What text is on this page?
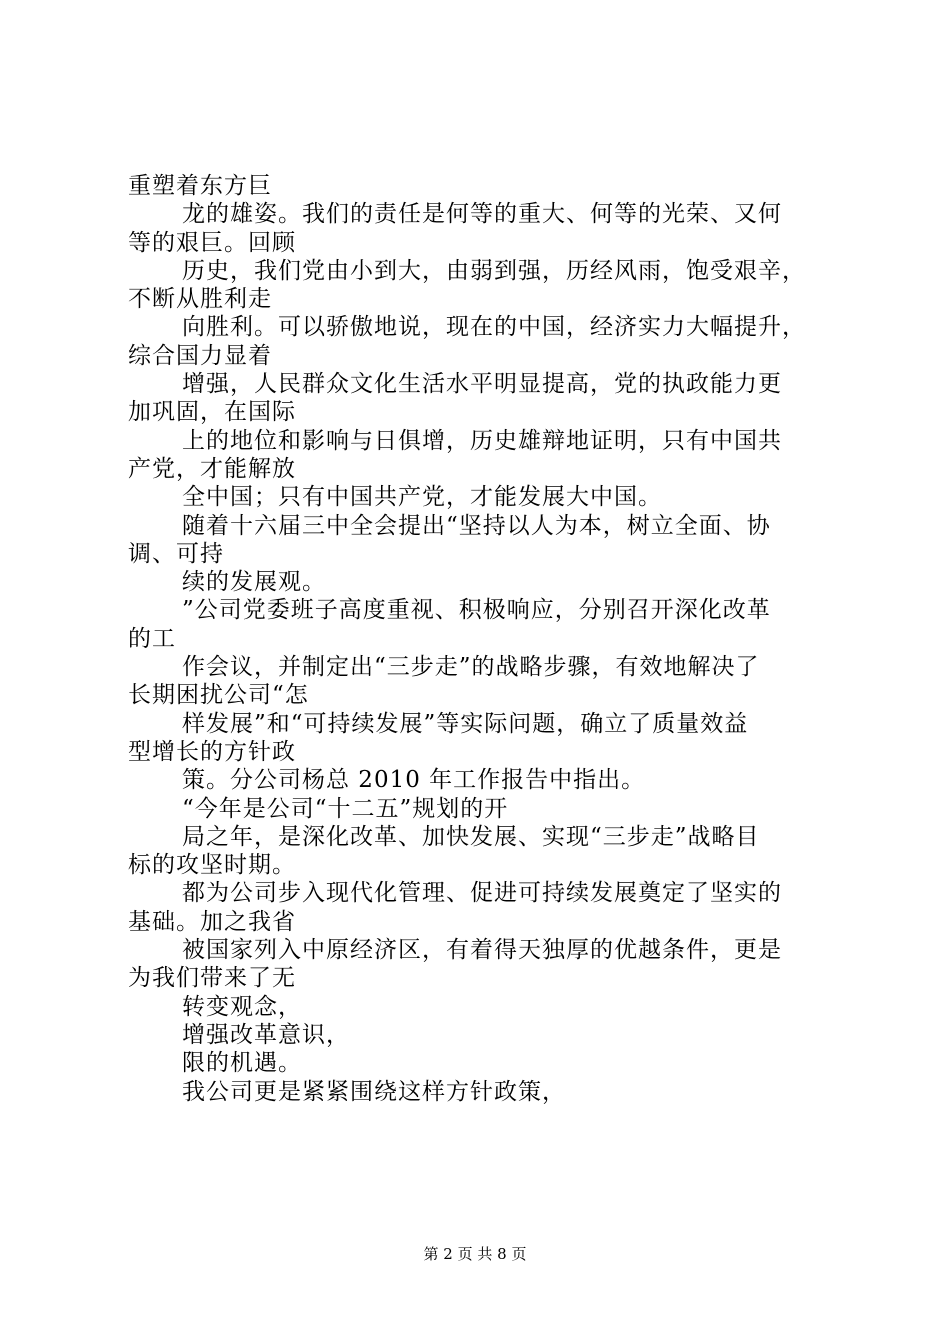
重塑着东方巨
龙的雄姿。我们的责任是何等的重大、何等的光荣、又何
等的艰巨。回顾
历史，我们党由小到大，由弱到强，历经风雨，饱受艰辛，
不断从胜利走
向胜利。可以骄傲地说，现在的中国，经济实力大幅提升，
综合国力显着
增强，人民群众文化生活水平明显提高，党的执政能力更
加巩固，在国际
上的地位和影响与日俱增，历史雄辩地证明，只有中国共
产党，才能解放
全中国；只有中国共产党，才能发展大中国。
随着十六届三中全会提出“坚持以人为本，树立全面、协
调、可持
续的发展观。
”公司党委班子高度重视、积极响应，分别召开深化改革
的工
作会议，并制定出“三步走”的战略步骤，有效地解决了
长期困扰公司“怎
样发展”和“可持续发展”等实际问题，确立了质量效益
型增长的方针政
策。分公司杨总 2010 年工作报告中指出。
“今年是公司“十二五”规划的开
局之年，是深化改革、加快发展、实现“三步走”战略目
标的攻坚时期。
都为公司步入现代化管理、促进可持续发展奠定了坚实的
基础。加之我省
被国家列入中原经济区，有着得天独厚的优越条件，更是
为我们带来了无
转变观念，
增强改革意识，
限的机遇。
我公司更是紧紧围绕这样方针政策，
第 2 页 共 8 页
